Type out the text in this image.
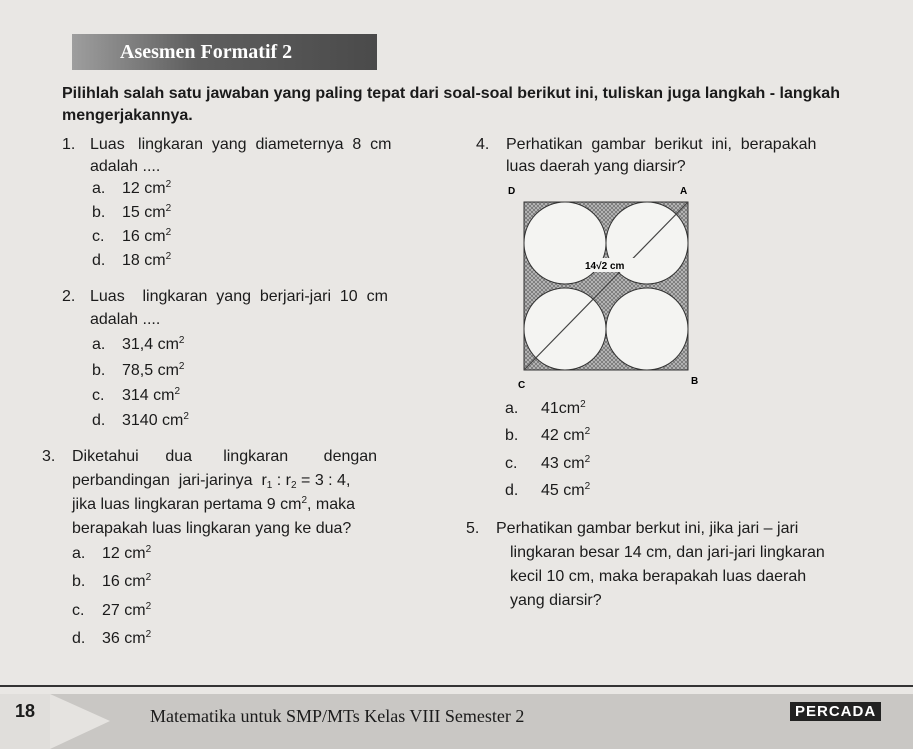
Asesmen Formatif 2
Pilihlah salah satu jawaban yang paling tepat dari soal-soal berikut ini, tuliskan juga langkah - langkah mengerjakannya.
1. Luas   lingkaran  yang  diameternya  8  cm
adalah ....
a. 12 $cm^2$
b. 15 $cm^2$
c. 16 $cm^2$
d. 18 $cm^2$
2. Luas    lingkaran  yang  berjari-jari  10  cm
adalah ....
a. 31,4 $cm^2$
b. 78,5 $cm^2$
c. 314 $cm^2$
d. 3140 $cm^2$
3. Diketahui      dua       lingkaran        dengan
perbandingan  jari-jarinya  $r_1$ : $r_2 = 3$ : 4,
jika luas lingkaran pertama 9 $cm^2$, maka
berapakah luas lingkaran yang ke dua?
a. 12 $cm^2$
b. 16 $cm^2$
c. 27 $cm^2$
d. 36 $cm^2$
4. Perhatikan  gambar  berikut  ini,  berapakah
luas daerah yang diarsir?
D	A
C	B
14√2 cm
a. $41cm^2$
b. 42 $cm^2$
c. 43 $cm^2$
d. 45 $cm^2$
5. Perhatikan gambar berkut ini, jika jari – jari
lingkaran besar 14 cm, dan jari-jari lingkaran
kecil 10 cm, maka berapakah luas daerah
yang diarsir?
18	Matematika untuk SMP/MTs Kelas VIII Semester 2	PERCADA
